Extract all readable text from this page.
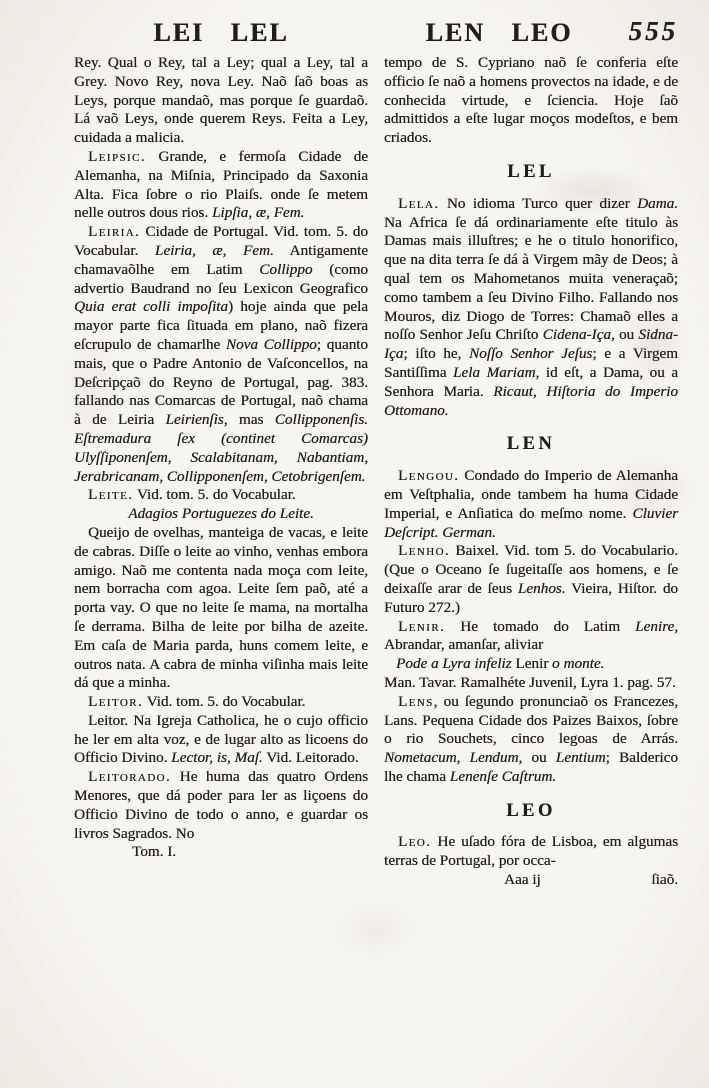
LEI LEL	LEN LEO	555

Rey. Qual o Rey, tal a Ley; qual a Ley, tal a Grey. Novo Rey, nova Ley. Naõ ſaõ boas as Leys, porque mandaõ, mas porque ſe guardaõ. Lá vaõ Leys, onde querem Reys. Feita a Ley, cuidada a malicia.

Leipsic. Grande, e fermoſa Cidade de Alemanha, na Miſnia, Principado da Saxonia Alta. Fica ſobre o rio Plaiſs. onde ſe metem nelle outros dous rios. Lipſia, æ, Fem.

Leiria. Cidade de Portugal. Vid. tom. 5. do Vocabular. Leiria, æ, Fem. Antigamente chamavaõlhe em Latim Collippo (como advertio Baudrand no ſeu Lexicon Geografico Quia erat colli impoſita) hoje ainda que pela mayor parte fica ſituada em plano, naõ fizera eſcrupulo de chamarlhe Nova Collippo; quanto mais, que o Padre Antonio de Vaſconcellos, na Deſcripçaõ do Reyno de Portugal, pag. 383. fallando nas Comarcas de Portugal, naõ chama à de Leiria Leirienſis, mas Collipponenſis. Eſtremadura ſex (continet Comarcas) Ulyſſiponenſem, Scalabitanam, Nabantiam, Jerabricanam, Collipponenſem, Cetobrigenſem.

Leite. Vid. tom. 5. do Vocabular.

Adagios Portuguezes do Leite.

Queijo de ovelhas, manteiga de vacas, e leite de cabras. Diſſe o leite ao vinho, venhas embora amigo. Naõ me contenta nada moça com leite, nem borracha com agoa. Leite ſem paõ, até a porta vay. O que no leite ſe mama, na mortalha ſe derrama. Bilha de leite por bilha de azeite. Em caſa de Maria parda, huns comem leite, e outros nata. A cabra de minha viſinha mais leite dá que a minha.

Leitor. Vid. tom. 5. do Vocabular.

Leitor. Na Igreja Catholica, he o cujo officio he ler em alta voz, e de lugar alto as licoens do Officio Divino. Lector, is, Maſ. Vid. Leitorado.

Leitorado. He huma das quatro Ordens Menores, que dá poder para ler as liçoens do Officio Divino de todo o anno, e guardar os livros Sagrados. No

Tom. I.

tempo de S. Cypriano naõ ſe conferia eſte officio ſe naõ a homens provectos na idade, e de conhecida virtude, e ſciencia. Hoje ſaõ admittidos a eſte lugar moços modeſtos, e bem criados.

LEL

Lela. No idioma Turco quer dizer Dama. Na Africa ſe dá ordinariamente eſte titulo às Damas mais illuſtres; e he o titulo honorifico, que na dita terra ſe dá à Virgem mãy de Deos; à qual tem os Mahometanos muita veneraçaõ; como tambem a ſeu Divino Filho. Fallando nos Mouros, diz Diogo de Torres: Chamaõ elles a noſſo Senhor Jeſu Chriſto Cidena-Iça, ou Sidna-Iça; iſto he, Noſſo Senhor Jeſus; e a Virgem Santiſſima Lela Mariam, id eſt, a Dama, ou a Senhora Maria. Ricaut, Hiſtoria do Imperio Ottomano.

LEN

Lengou. Condado do Imperio de Alemanha em Veſtphalia, onde tambem ha huma Cidade Imperial, e Anſiatica do meſmo nome. Cluvier Deſcript. German.

Lenho. Baixel. Vid. tom 5. do Vocabulario. (Que o Oceano ſe ſugeitaſſe aos homens, e ſe deixaſſe arar de ſeus Lenhos. Vieira, Hiſtor. do Futuro 272.)

Lenir. He tomado do Latim Lenire, Abrandar, amanſar, aliviar

Pode a Lyra infeliz Lenir o monte.

Man. Tavar. Ramalhéte Juvenil, Lyra 1. pag. 57.

Lens, ou ſegundo pronunciaõ os Francezes, Lans. Pequena Cidade dos Paizes Baixos, ſobre o rio Souchets, cinco legoas de Arrás. Nometacum, Lendum, ou Lentium; Balderico lhe chama Lenenſe Caſtrum.

LEO

Leo. He uſado fóra de Lisboa, em algumas terras de Portugal, por occa-

Aaa ij	ſiaõ.
